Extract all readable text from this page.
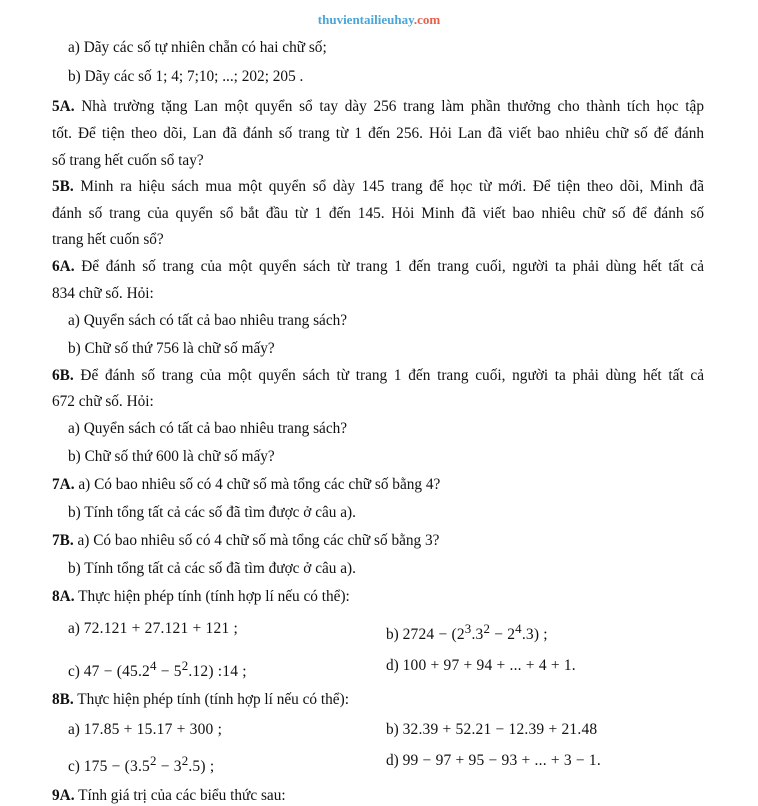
thuvientailieuhay.com
a) Dãy các số tự nhiên chẵn có hai chữ số;
b) Dãy các số 1; 4; 7;10; ...; 202; 205 .
5A. Nhà trường tặng Lan một quyển sổ tay dày 256 trang làm phần thưởng cho thành tích học tập
tốt. Để tiện theo dõi, Lan đã đánh số trang từ 1 đến 256. Hỏi Lan đã viết bao nhiêu chữ số để đánh
số trang hết cuốn sổ tay?
5B. Minh ra hiệu sách mua một quyển sổ dày 145 trang để học từ mới. Để tiện theo dõi, Minh đã
đánh số trang của quyển sổ bắt đầu từ 1 đến 145. Hỏi Minh đã viết bao nhiêu chữ số để đánh số
trang hết cuốn sổ?
6A. Để đánh số trang của một quyển sách từ trang 1 đến trang cuối, người ta phải dùng hết tất cả
834 chữ số. Hỏi:
a) Quyển sách có tất cả bao nhiêu trang sách?
b) Chữ số thứ 756 là chữ số mấy?
6B. Để đánh số trang của một quyển sách từ trang 1 đến trang cuối, người ta phải dùng hết tất cả
672 chữ số. Hỏi:
a) Quyển sách có tất cả bao nhiêu trang sách?
b) Chữ số thứ 600 là chữ số mấy?
7A. a) Có bao nhiêu số có 4 chữ số mà tổng các chữ số bằng 4?
b) Tính tổng tất cả các số đã tìm được ở câu a).
7B. a) Có bao nhiêu số có 4 chữ số mà tổng các chữ số bằng 3?
b) Tính tổng tất cả các số đã tìm được ở câu a).
8A. Thực hiện phép tính (tính hợp lí nếu có thể):
a) 72.121 + 27.121 + 121 ;	b) $2724 - (2^3.3^2 - 2^4.3)$ ;
c) $47 - (45.2^4 - 5^2.12)$ :14 ;	d) 100 + 97 + 94 + ... + 4 + 1.
8B. Thực hiện phép tính (tính hợp lí nếu có thể):
a) 17.85 + 15.17 + 300 ;	b) 32.39 + 52.21 − 12.39 + 21.48
c) $175 - (3.5^2 - 3^2.5)$ ;	d) 99 − 97 + 95 − 93 + ... + 3 − 1.
9A. Tính giá trị của các biểu thức sau:
